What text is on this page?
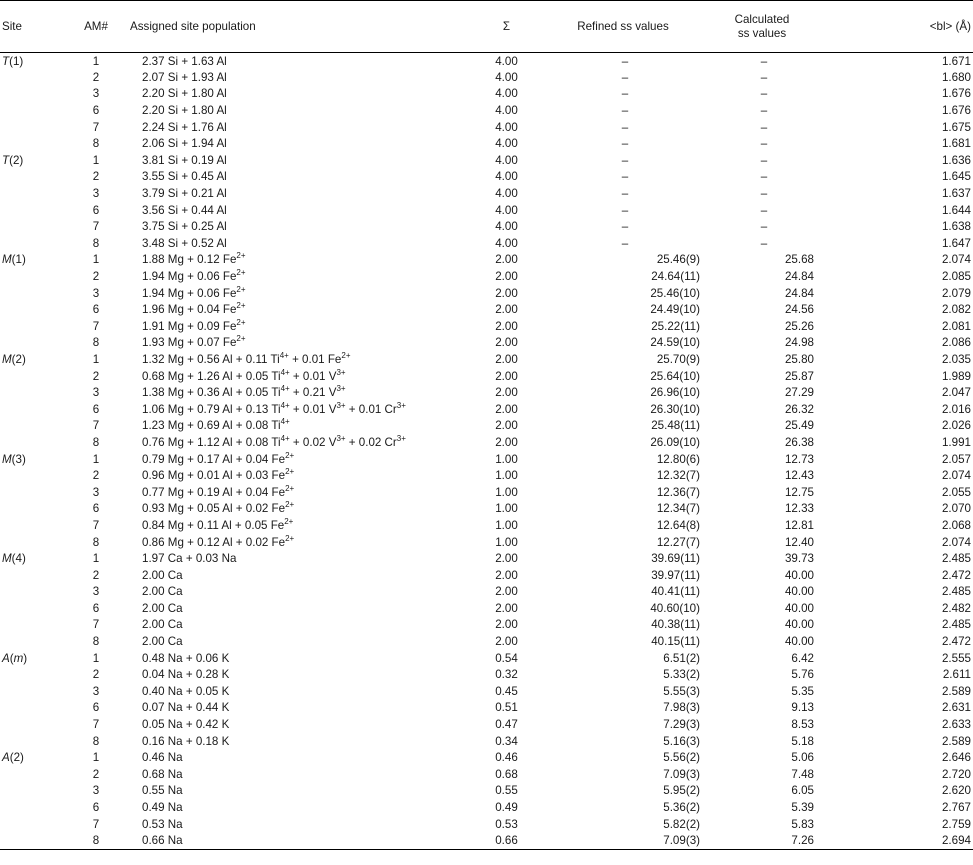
Site	AM#	Assigned site population	Σ	Refined ss values	Calculated
ss values	<bl> (Å)
T(1)	1	2.37 Si + 1.63 Al	4.00	–	–	1.671
	2	2.07 Si + 1.93 Al	4.00	–	–	1.680
	3	2.20 Si + 1.80 Al	4.00	–	–	1.676
	6	2.20 Si + 1.80 Al	4.00	–	–	1.676
	7	2.24 Si + 1.76 Al	4.00	–	–	1.675
	8	2.06 Si + 1.94 Al	4.00	–	–	1.681
T(2)	1	3.81 Si + 0.19 Al	4.00	–	–	1.636
	2	3.55 Si + 0.45 Al	4.00	–	–	1.645
	3	3.79 Si + 0.21 Al	4.00	–	–	1.637
	6	3.56 Si + 0.44 Al	4.00	–	–	1.644
	7	3.75 Si + 0.25 Al	4.00	–	–	1.638
	8	3.48 Si + 0.52 Al	4.00	–	–	1.647
M(1)	1	1.88 Mg + 0.12 $Fe^{2+}$	2.00	25.46(9)	25.68	2.074
	2	1.94 Mg + 0.06 $Fe^{2+}$	2.00	24.64(11)	24.84	2.085
	3	1.94 Mg + 0.06 $Fe^{2+}$	2.00	25.46(10)	24.84	2.079
	6	1.96 Mg + 0.04 $Fe^{2+}$	2.00	24.49(10)	24.56	2.082
	7	1.91 Mg + 0.09 $Fe^{2+}$	2.00	25.22(11)	25.26	2.081
	8	1.93 Mg + 0.07 $Fe^{2+}$	2.00	24.59(10)	24.98	2.086
M(2)	1	1.32 Mg + 0.56 Al + 0.11 $Ti^{4+} + 0.01$ $Fe^{2+}$	2.00	25.70(9)	25.80	2.035
	2	0.68 Mg + 1.26 Al + 0.05 $Ti^{4+} + 0.01$ $V^{3+}$	2.00	25.64(10)	25.87	1.989
	3	1.38 Mg + 0.36 Al + 0.05 $Ti^{4+} + 0.21$ $V^{3+}$	2.00	26.96(10)	27.29	2.047
	6	1.06 Mg + 0.79 Al + 0.13 $Ti^{4+} + 0.01$ $V^{3+} + 0.01$ $Cr^{3+}$	2.00	26.30(10)	26.32	2.016
	7	1.23 Mg + 0.69 Al + 0.08 $Ti^{4+}$	2.00	25.48(11)	25.49	2.026
	8	0.76 Mg + 1.12 Al + 0.08 $Ti^{4+} + 0.02$ $V^{3+} + 0.02$ $Cr^{3+}$	2.00	26.09(10)	26.38	1.991
M(3)	1	0.79 Mg + 0.17 Al + 0.04 $Fe^{2+}$	1.00	12.80(6)	12.73	2.057
	2	0.96 Mg + 0.01 Al + 0.03 $Fe^{2+}$	1.00	12.32(7)	12.43	2.074
	3	0.77 Mg + 0.19 Al + 0.04 $Fe^{2+}$	1.00	12.36(7)	12.75	2.055
	6	0.93 Mg + 0.05 Al + 0.02 $Fe^{2+}$	1.00	12.34(7)	12.33	2.070
	7	0.84 Mg + 0.11 Al + 0.05 $Fe^{2+}$	1.00	12.64(8)	12.81	2.068
	8	0.86 Mg + 0.12 Al + 0.02 $Fe^{2+}$	1.00	12.27(7)	12.40	2.074
M(4)	1	1.97 Ca + 0.03 Na	2.00	39.69(11)	39.73	2.485
	2	2.00 Ca	2.00	39.97(11)	40.00	2.472
	3	2.00 Ca	2.00	40.41(11)	40.00	2.485
	6	2.00 Ca	2.00	40.60(10)	40.00	2.482
	7	2.00 Ca	2.00	40.38(11)	40.00	2.485
	8	2.00 Ca	2.00	40.15(11)	40.00	2.472
A(m)	1	0.48 Na + 0.06 K	0.54	6.51(2)	6.42	2.555
	2	0.04 Na + 0.28 K	0.32	5.33(2)	5.76	2.611
	3	0.40 Na + 0.05 K	0.45	5.55(3)	5.35	2.589
	6	0.07 Na + 0.44 K	0.51	7.98(3)	9.13	2.631
	7	0.05 Na + 0.42 K	0.47	7.29(3)	8.53	2.633
	8	0.16 Na + 0.18 K	0.34	5.16(3)	5.18	2.589
A(2)	1	0.46 Na	0.46	5.56(2)	5.06	2.646
	2	0.68 Na	0.68	7.09(3)	7.48	2.720
	3	0.55 Na	0.55	5.95(2)	6.05	2.620
	6	0.49 Na	0.49	5.36(2)	5.39	2.767
	7	0.53 Na	0.53	5.82(2)	5.83	2.759
	8	0.66 Na	0.66	7.09(3)	7.26	2.694
